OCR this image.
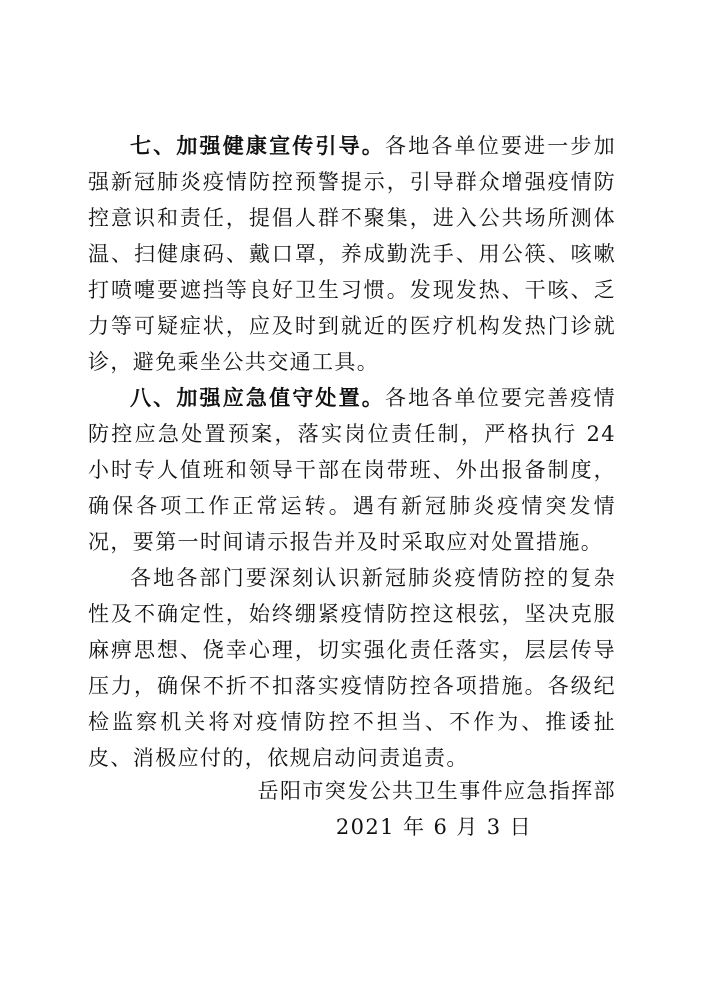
七、加强健康宣传引导。各地各单位要进一步加强新冠肺炎疫情防控预警提示，引导群众增强疫情防控意识和责任，提倡人群不聚集，进入公共场所测体温、扫健康码、戴口罩，养成勤洗手、用公筷、咳嗽打喷嚏要遮挡等良好卫生习惯。发现发热、干咳、乏力等可疑症状，应及时到就近的医疗机构发热门诊就诊，避免乘坐公共交通工具。

八、加强应急值守处置。各地各单位要完善疫情防控应急处置预案，落实岗位责任制，严格执行 24 小时专人值班和领导干部在岗带班、外出报备制度，确保各项工作正常运转。遇有新冠肺炎疫情突发情况，要第一时间请示报告并及时采取应对处置措施。

各地各部门要深刻认识新冠肺炎疫情防控的复杂性及不确定性，始终绷紧疫情防控这根弦，坚决克服麻痹思想、侥幸心理，切实强化责任落实，层层传导压力，确保不折不扣落实疫情防控各项措施。各级纪检监察机关将对疫情防控不担当、不作为、推诿扯皮、消极应付的，依规启动问责追责。

岳阳市突发公共卫生事件应急指挥部
2021 年 6 月 3 日
